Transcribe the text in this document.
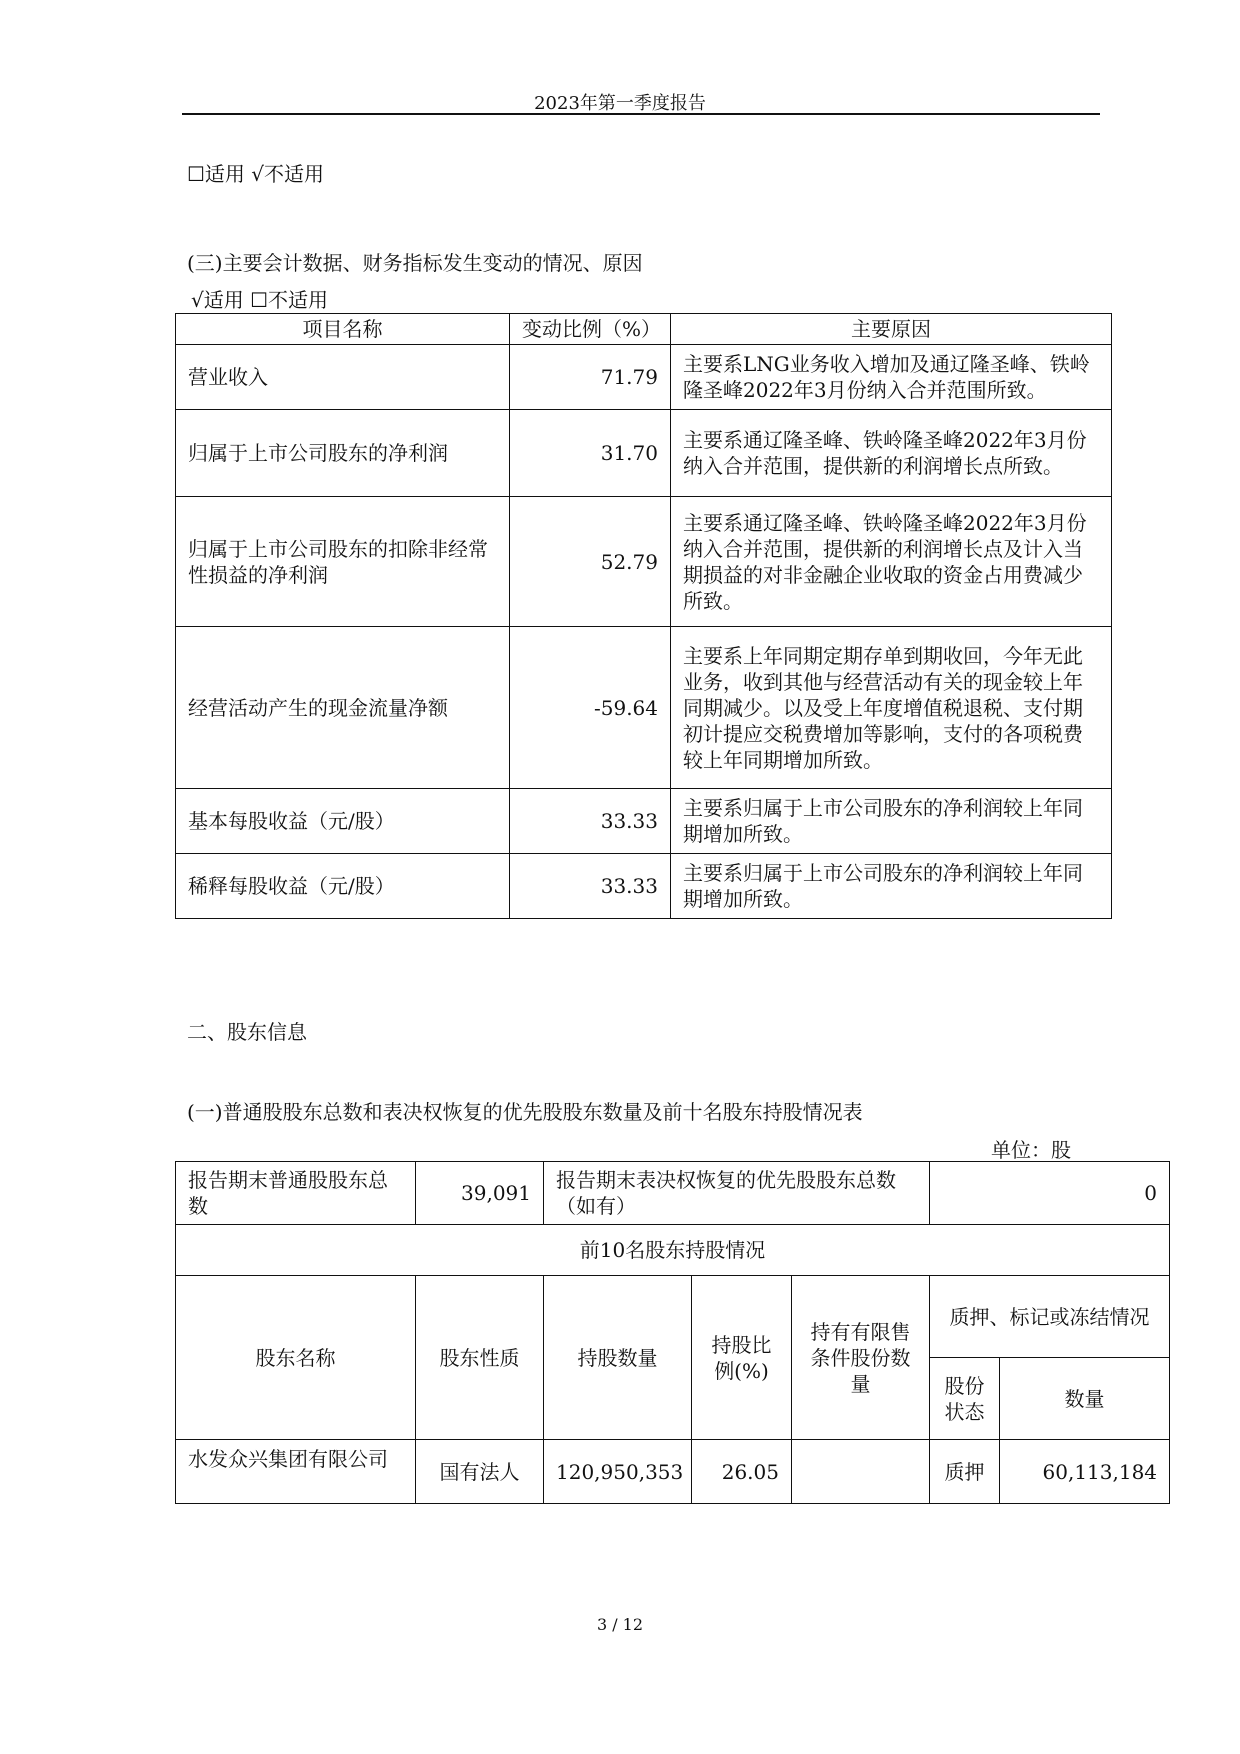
2023年第一季度报告
☐适用 √不适用
(三)主要会计数据、财务指标发生变动的情况、原因
√适用 ☐不适用
项目名称	变动比例（%）	主要原因
营业收入	71.79	主要系LNG业务收入增加及通辽隆圣峰、铁岭隆圣峰2022年3月份纳入合并范围所致。
归属于上市公司股东的净利润	31.70	主要系通辽隆圣峰、铁岭隆圣峰2022年3月份纳入合并范围，提供新的利润增长点所致。
归属于上市公司股东的扣除非经常性损益的净利润	52.79	主要系通辽隆圣峰、铁岭隆圣峰2022年3月份纳入合并范围，提供新的利润增长点及计入当期损益的对非金融企业收取的资金占用费减少所致。
经营活动产生的现金流量净额	-59.64	主要系上年同期定期存单到期收回，今年无此业务，收到其他与经营活动有关的现金较上年同期减少。以及受上年度增值税退税、支付期初计提应交税费增加等影响，支付的各项税费较上年同期增加所致。
基本每股收益（元/股）	33.33	主要系归属于上市公司股东的净利润较上年同期增加所致。
稀释每股收益（元/股）	33.33	主要系归属于上市公司股东的净利润较上年同期增加所致。
二、股东信息
(一)普通股股东总数和表决权恢复的优先股股东数量及前十名股东持股情况表
单位：股
报告期末普通股股东总数	39,091	报告期末表决权恢复的优先股股东总数（如有）			0	
前10名股东持股情况						
股东名称	股东性质	持股数量	持股比例(%)	持有有限售条件股份数量	质押、标记或冻结情况	
					股份状态	数量
水发众兴集团有限公司	国有法人	120,950,353	26.05		质押	60,113,184
3 / 12
